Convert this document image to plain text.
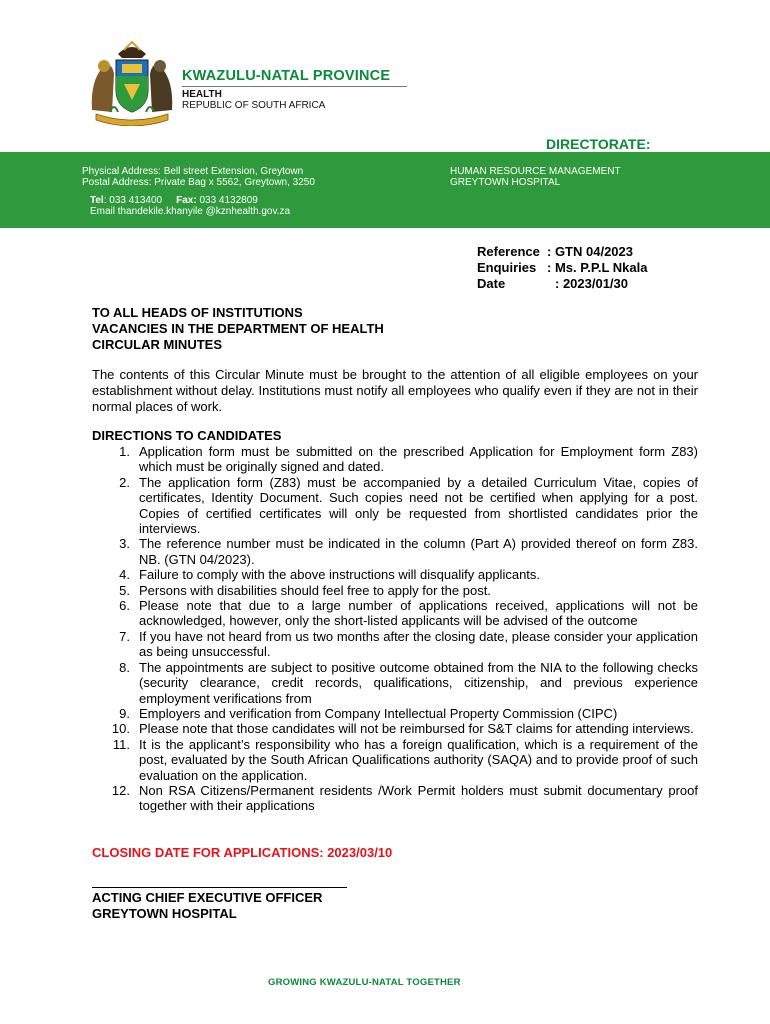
KWAZULU-NATAL PROVINCE
HEALTH
REPUBLIC OF SOUTH AFRICA
DIRECTORATE:
Physical Address: Bell street Extension, Greytown
Postal Address: Private Bag x 5562, Greytown, 3250
HUMAN RESOURCE MANAGEMENT
GREYTOWN HOSPITAL
Tel: 033 413400 Fax: 033 4132809
Email thandekile.khanyile @kznhealth.gov.za
Reference : GTN 04/2023
Enquiries : Ms. P.P.L Nkala
Date	: 2023/01/30
TO ALL HEADS OF INSTITUTIONS
VACANCIES IN THE DEPARTMENT OF HEALTH
CIRCULAR MINUTES
The contents of this Circular Minute must be brought to the attention of all eligible employees on your establishment without delay. Institutions must notify all employees who qualify even if they are not in their normal places of work.
DIRECTIONS TO CANDIDATES
1. Application form must be submitted on the prescribed Application for Employment form Z83) which must be originally signed and dated.
2. The application form (Z83) must be accompanied by a detailed Curriculum Vitae, copies of certificates, Identity Document. Such copies need not be certified when applying for a post. Copies of certified certificates will only be requested from shortlisted candidates prior the interviews.
3. The reference number must be indicated in the column (Part A) provided thereof on form Z83. NB. (GTN 04/2023).
4. Failure to comply with the above instructions will disqualify applicants.
5. Persons with disabilities should feel free to apply for the post.
6. Please note that due to a large number of applications received, applications will not be acknowledged, however, only the short-listed applicants will be advised of the outcome
7. If you have not heard from us two months after the closing date, please consider your application as being unsuccessful.
8. The appointments are subject to positive outcome obtained from the NIA to the following checks (security clearance, credit records, qualifications, citizenship, and previous experience employment verifications from
9. Employers and verification from Company Intellectual Property Commission (CIPC)
10. Please note that those candidates will not be reimbursed for S&T claims for attending interviews.
11. It is the applicant’s responsibility who has a foreign qualification, which is a requirement of the post, evaluated by the South African Qualifications authority (SAQA) and to provide proof of such evaluation on the application.
12. Non RSA Citizens/Permanent residents /Work Permit holders must submit documentary proof together with their applications
CLOSING DATE FOR APPLICATIONS: 2023/03/10
ACTING CHIEF EXECUTIVE OFFICER
GREYTOWN HOSPITAL
GROWING KWAZULU-NATAL TOGETHER
